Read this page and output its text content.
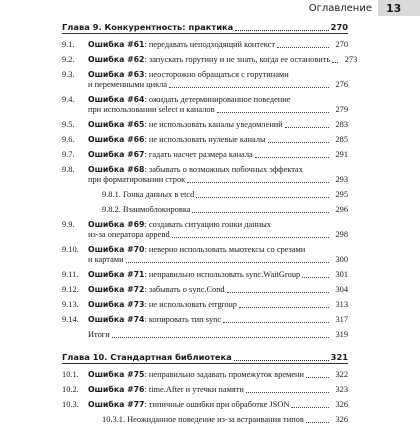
Оглавление	13
Глава 9. Конкурентность: практика	270
9.1.	Ошибка #61: передавать неподходящий контекст	270
9.2.	Ошибка #62: запускать горутину и не знать, когда ее остановить	273
9.3.	Ошибка #63: неосторожно обращаться с горутинами
и переменными цикла	276
9.4.	Ошибка #64: ожидать детерминированное поведение
при использовании select и каналов	279
9.5.	Ошибка #65: не использовать каналы уведомлений	283
9.6.	Ошибка #66: не использовать нулевые каналы	285
9.7.	Ошибка #67: гадать насчет размера канала	291
9.8.	Ошибка #68: забывать о возможных побочных эффектах
при форматировании строк	293
9.8.1. Гонка данных в etcd	295
9.8.2. Взаимоблокировка	296
9.9.	Ошибка #69: создавать ситуацию гонки данных
из-за оператора append	298
9.10.	Ошибка #70: неверно использовать мьютексы со срезами
и картами	300
9.11.	Ошибка #71: неправильно использовать sync.WaitGroup	301
9.12.	Ошибка #72: забывать о sync.Cond	304
9.13.	Ошибка #73: не использовать errgroup	313
9.14.	Ошибка #74: копировать тип sync	317
Итоги	319
Глава 10. Стандартная библиотека	321
10.1.	Ошибка #75: неправильно задавать промежуток времени	322
10.2.	Ошибка #76: time.After и утечки памяти	323
10.3.	Ошибка #77: типичные ошибки при обработке JSON	326
10.3.1. Неожиданное поведение из-за встраивания типов	326
